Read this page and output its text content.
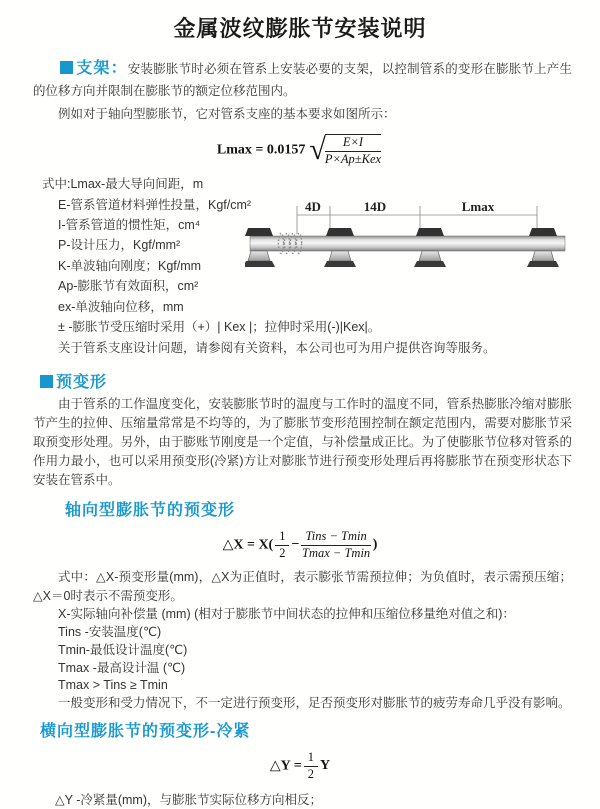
金属波纹膨胀节安装说明
支架：安装膨胀节时必须在管系上安装必要的支架，以控制管系的变形在膨胀节上产生的位移方向并限制在膨胀节的额定位移范围内。
例如对于轴向型膨胀节，它对管系支座的基本要求如图所示：
Lmax = 0.0157 √ $\frac{E\times I}{\text{P×Ap±Kex}}$
式中:Lmax-最大导向间距，m
E-管系管道材料弹性投量，Kgf/cm²
I-管系管道的惯性矩，cm⁴
P-设计压力，Kgf/mm²
K-单波轴向刚度；Kgf/mm
Ap-膨胀节有效面积，cm²
ex-单波轴向位移，mm
± -膨胀节受压缩时采用（+）| Kex |；拉伸时采用(-)|Kex|。
关于管系支座设计问题，请参阅有关资料，本公司也可为用户提供咨询等服务。
4D	14D	Lmax
预变形
由于管系的工作温度变化，安装膨胀节时的温度与工作时的温度不同，管系热膨胀冷缩对膨胀节产生的拉伸、压缩量常常是不均等的，为了膨胀节变形范围控制在额定范围内，需要对膨胀节采取预变形处理。另外，由于膨账节刚度是一个定值，与补偿量成正比。为了使膨胀节位移对管系的作用力最小，也可以采用预变形(冷紧)方让对膨胀节进行预变形处理后再将膨胀节在预变形状态下安装在管系中。
轴向型膨胀节的预变形
△X = $X( \frac{1}{2} - \frac{\text{Tins − Tmin}}{Tmax - Tmin}$ )
式中：△X-预变形量(mm)，△X为正值时，表示膨张节需预拉伸；为负值时，表示需预压缩；△X＝0时表示不需预变形。
X-实际轴向补偿量 (mm) (相对于膨胀节中间状态的拉伸和压缩位移量绝对值之和)：
Tins -安装温度(℃)
Tmin-最低设计温度(℃)
Tmax -最高设计温 (℃)
Tmax > Tins ≥ Tmin
一般变形和受力情况下，不一定进行预变形，足否预变形对膨胀节的疲劳寿命几乎没有影响。
横向型膨胀节的预变形-冷紧
△Y = $\frac{1}{2}$ Y
△Y -冷紧量(mm)，与膨胀节实际位移方向相反；
